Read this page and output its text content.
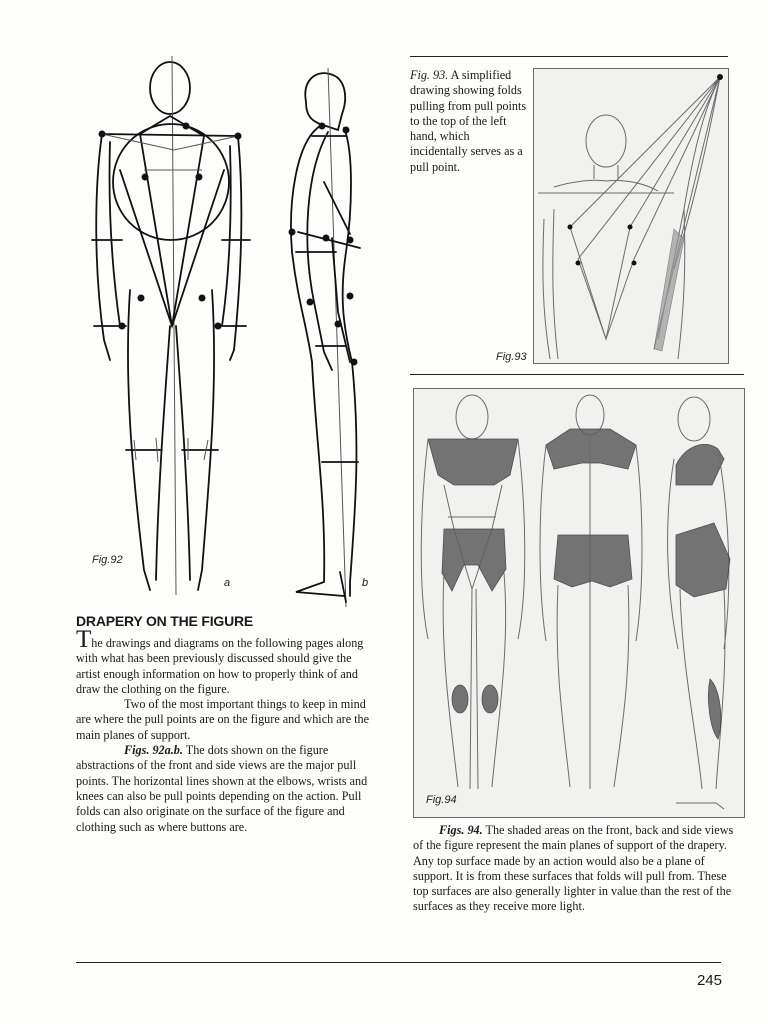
a	b
Fig.92
Fig. 93. A simplified drawing showing folds pulling from pull points to the top of the left hand, which incidentally serves as a pull point.
Fig.93
Fig.94
DRAPERY ON THE FIGURE

The drawings and diagrams on the following pages along with what has been previously discussed should give the artist enough information on how to properly think of and draw the clothing on the figure.

Two of the most important things to keep in mind are where the pull points are on the figure and which are the main planes of support.

Figs. 92a.b. The dots shown on the figure abstractions of the front and side views are the major pull points. The horizontal lines shown at the elbows, wrists and knees can also be pull points depending on the action. Pull folds can also originate on the surface of the figure and clothing such as where buttons are.	Figs. 94. The shaded areas on the front, back and side views of the figure represent the main planes of support of the drapery. Any top surface made by an action would also be a plane of support. It is from these surfaces that folds will pull from. These top surfaces are also generally lighter in value than the rest of the surfaces as they receive more light.
245
